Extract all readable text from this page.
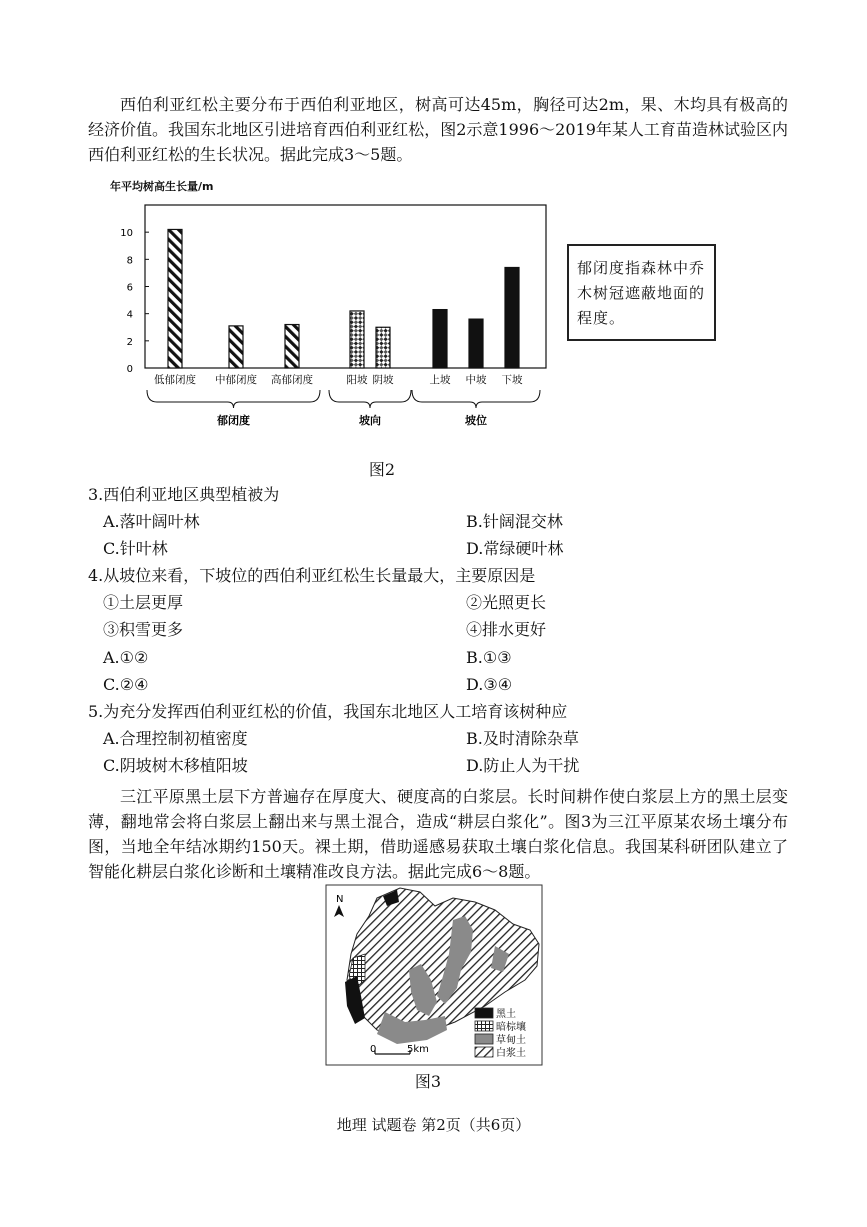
西伯利亚红松主要分布于西伯利亚地区，树高可达45m，胸径可达2m，果、木均具有极高的经济价值。我国东北地区引进培育西伯利亚红松，图2示意1996～2019年某人工育苗造林试验区内西伯利亚红松的生长状况。据此完成3～5题。

年平均树高生长量/m
0
2
4
6
8
10
低郁闭度 中郁闭度 高郁闭度	阳坡 阴坡	上坡 中坡 下坡
郁闭度	坡向	坡位
郁闭度指森林中乔木树冠遮蔽地面的程度。
图2
3.西伯利亚地区典型植被为
A.落叶阔叶林	B.针阔混交林
C.针叶林	D.常绿硬叶林
4.从坡位来看，下坡位的西伯利亚红松生长量最大，主要原因是
①土层更厚	②光照更长
③积雪更多	④排水更好
A.①②	B.①③
C.②④	D.③④
5.为充分发挥西伯利亚红松的价值，我国东北地区人工培育该树种应
A.合理控制初植密度	B.及时清除杂草
C.阴坡树木移植阳坡	D.防止人为干扰

三江平原黑土层下方普遍存在厚度大、硬度高的白浆层。长时间耕作使白浆层上方的黑土层变薄，翻地常会将白浆层上翻出来与黑土混合，造成“耕层白浆化”。图3为三江平原某农场土壤分布图，当地全年结冰期约150天。裸土期，借助遥感易获取土壤白浆化信息。我国某科研团队建立了智能化耕层白浆化诊断和土壤精准改良方法。据此完成6～8题。

N
0	5km
黑土
暗棕壤
草甸土
白浆土
图3
地理 试题卷 第2页（共6页）
